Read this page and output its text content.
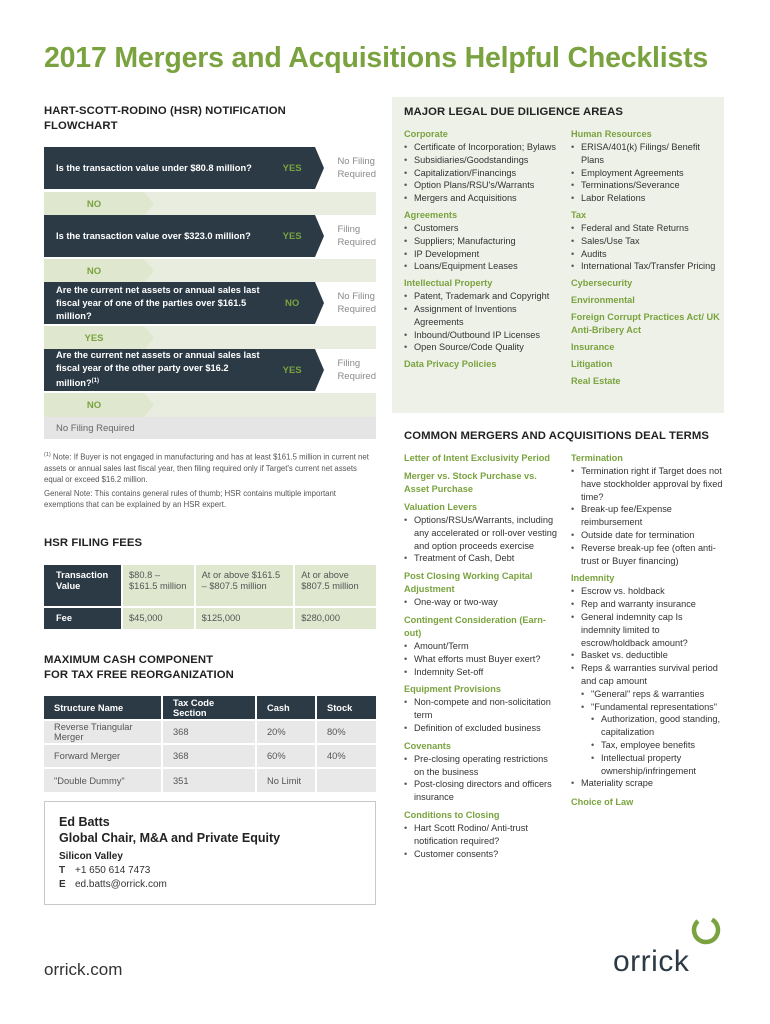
2017 Mergers and Acquisitions Helpful Checklists
HART-SCOTT-RODINO (HSR) NOTIFICATION
FLOWCHART
Is the transaction value under $80.8 million?	YES
No Filing
Required
NO
Is the transaction value over $323.0 million?	YES
Filing
Required
NO
Are the current net assets or annual sales last
fiscal year of one of the parties over $161.5 million?
NO
No Filing
Required
YES
Are the current net assets or annual sales last
fiscal year of the other party over $16.2 million?$^{(1)}$
YES
Filing
Required
NO
No Filing Required
$^{(1)}$ Note: If Buyer is not engaged in manufacturing and has at least $161.5 million in current net assets or annual sales last fiscal year, then filing required only if Target's current net assets equal or exceed $16.2 million.
General Note: This contains general rules of thumb; HSR contains multiple important exemptions that can be explained by an HSR expert.
HSR FILING FEES
Transaction Value	$80.8 – $161.5 million	At or above $161.5 – $807.5 million	At or above $807.5 million
Fee	$45,000	$125,000	$280,000
MAXIMUM CASH COMPONENT
FOR TAX FREE REORGANIZATION
Structure Name	Tax Code Section	Cash	Stock
Reverse Triangular Merger	368	20%	80%
Forward Merger	368	60%	40%
"Double Dummy"	351	No Limit	
Ed Batts
Global Chair, M&A and Private Equity
Silicon Valley
T +1 650 614 7473
E ed.batts@orrick.com
orrick.com
MAJOR LEGAL DUE DILIGENCE AREAS
Corporate
• Certificate of Incorporation; Bylaws
• Subsidiaries/Goodstandings
• Capitalization/Financings
• Option Plans/RSU's/Warrants
• Mergers and Acquisitions
Agreements
• Customers
• Suppliers; Manufacturing
• IP Development
• Loans/Equipment Leases
Intellectual Property
• Patent, Trademark and Copyright
• Assignment of Inventions Agreements
• Inbound/Outbound IP Licenses
• Open Source/Code Quality
Data Privacy Policies
Human Resources
• ERISA/401(k) Filings/ Benefit Plans
• Employment Agreements
• Terminations/Severance
• Labor Relations
Tax
• Federal and State Returns
• Sales/Use Tax
• Audits
• International Tax/Transfer Pricing
Cybersecurity
Environmental
Foreign Corrupt Practices Act/ UK Anti-Bribery Act
Insurance
Litigation
Real Estate
COMMON MERGERS AND ACQUISITIONS DEAL TERMS
Letter of Intent Exclusivity Period
Merger vs. Stock Purchase vs. Asset Purchase
Valuation Levers
• Options/RSUs/Warrants, including any accelerated or roll-over vesting and option proceeds exercise
• Treatment of Cash, Debt
Post Closing Working Capital Adjustment
• One-way or two-way
Contingent Consideration (Earn-out)
• Amount/Term
• What efforts must Buyer exert?
• Indemnity Set-off
Equipment Provisions
• Non-compete and non-solicitation term
• Definition of excluded business
Covenants
• Pre-closing operating restrictions on the business
• Post-closing directors and officers insurance
Conditions to Closing
• Hart Scott Rodino/ Anti-trust notification required?
• Customer consents?
Termination
• Termination right if Target does not have stockholder approval by fixed time?
• Break-up fee/Expense reimbursement
• Outside date for termination
• Reverse break-up fee (often anti-trust or Buyer financing)
Indemnity
• Escrow vs. holdback
• Rep and warranty insurance
• General indemnity cap Is indemnity limited to escrow/holdback amount?
• Basket vs. deductible
• Reps & warranties survival period and cap amount
• "General" reps & warranties
• "Fundamental representations"
• Authorization, good standing, capitalization
• Tax, employee benefits
• Intellectual property ownership/infringement
• Materiality scrape
Choice of Law
orrick
